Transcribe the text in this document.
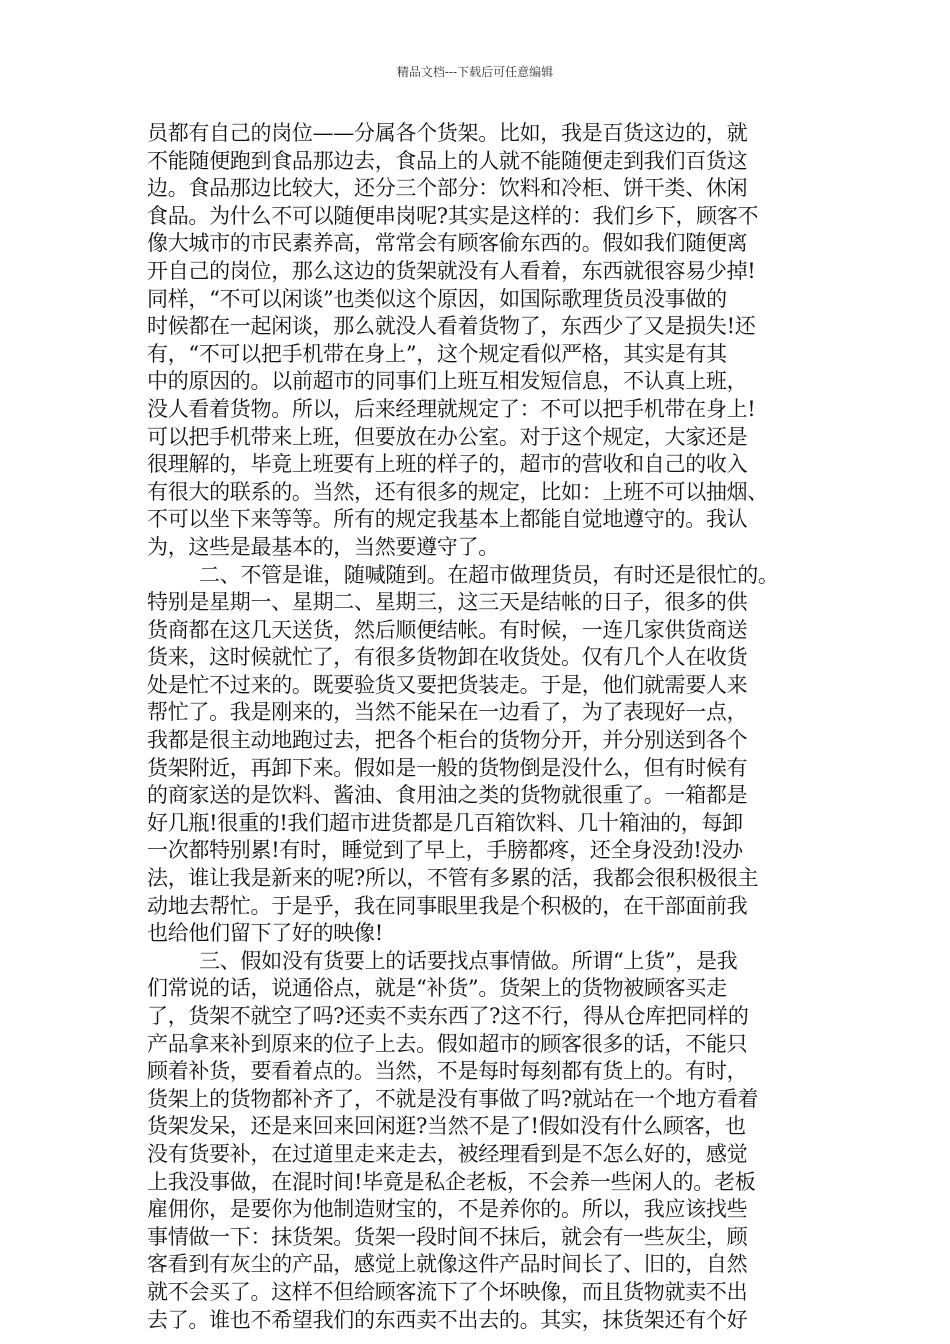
精品文档---下载后可任意编辑
员都有自己的岗位——分属各个货架。比如，我是百货这边的，就
不能随便跑到食品那边去，食品上的人就不能随便走到我们百货这
边。食品那边比较大，还分三个部分：饮料和冷柜、饼干类、休闲
食品。为什么不可以随便串岗呢?其实是这样的：我们乡下，顾客不
像大城市的市民素养高，常常会有顾客偷东西的。假如我们随便离
开自己的岗位，那么这边的货架就没有人看着，东西就很容易少掉!
同样，“不可以闲谈”也类似这个原因，如国际歌理货员没事做的
时候都在一起闲谈，那么就没人看着货物了，东西少了又是损失!还
有，“不可以把手机带在身上”，这个规定看似严格，其实是有其
中的原因的。以前超市的同事们上班互相发短信息，不认真上班，
没人看着货物。所以，后来经理就规定了：不可以把手机带在身上!
可以把手机带来上班，但要放在办公室。对于这个规定，大家还是
很理解的，毕竟上班要有上班的样子的，超市的营收和自己的收入
有很大的联系的。当然，还有很多的规定，比如：上班不可以抽烟、
不可以坐下来等等。所有的规定我基本上都能自觉地遵守的。我认
为，这些是最基本的，当然要遵守了。
二、不管是谁，随喊随到。在超市做理货员，有时还是很忙的。
特别是星期一、星期二、星期三，这三天是结帐的日子，很多的供
货商都在这几天送货，然后顺便结帐。有时候，一连几家供货商送
货来，这时候就忙了，有很多货物卸在收货处。仅有几个人在收货
处是忙不过来的。既要验货又要把货装走。于是，他们就需要人来
帮忙了。我是刚来的，当然不能呆在一边看了，为了表现好一点，
我都是很主动地跑过去，把各个柜台的货物分开，并分别送到各个
货架附近，再卸下来。假如是一般的货物倒是没什么，但有时候有
的商家送的是饮料、酱油、食用油之类的货物就很重了。一箱都是
好几瓶!很重的!我们超市进货都是几百箱饮料、几十箱油的，每卸
一次都特别累!有时，睡觉到了早上，手膀都疼，还全身没劲!没办
法，谁让我是新来的呢?所以，不管有多累的活，我都会很积极很主
动地去帮忙。于是乎，我在同事眼里我是个积极的，在干部面前我
也给他们留下了好的映像!
三、假如没有货要上的话要找点事情做。所谓“上货”，是我
们常说的话，说通俗点，就是“补货”。货架上的货物被顾客买走
了，货架不就空了吗?还卖不卖东西了?这不行，得从仓库把同样的
产品拿来补到原来的位子上去。假如超市的顾客很多的话，不能只
顾着补货，要看着点的。当然，不是每时每刻都有货上的。有时，
货架上的货物都补齐了，不就是没有事做了吗?就站在一个地方看着
货架发呆，还是来回来回闲逛?当然不是了!假如没有什么顾客，也
没有货要补，在过道里走来走去，被经理看到是不怎么好的，感觉
上我没事做，在混时间!毕竟是私企老板，不会养一些闲人的。老板
雇佣你，是要你为他制造财宝的，不是养你的。所以，我应该找些
事情做一下：抹货架。货架一段时间不抹后，就会有一些灰尘，顾
客看到有灰尘的产品，感觉上就像这件产品时间长了、旧的，自然
就不会买了。这样不但给顾客流下了个坏映像，而且货物就卖不出
去了。谁也不希望我们的东西卖不出去的。其实，抹货架还有个好
